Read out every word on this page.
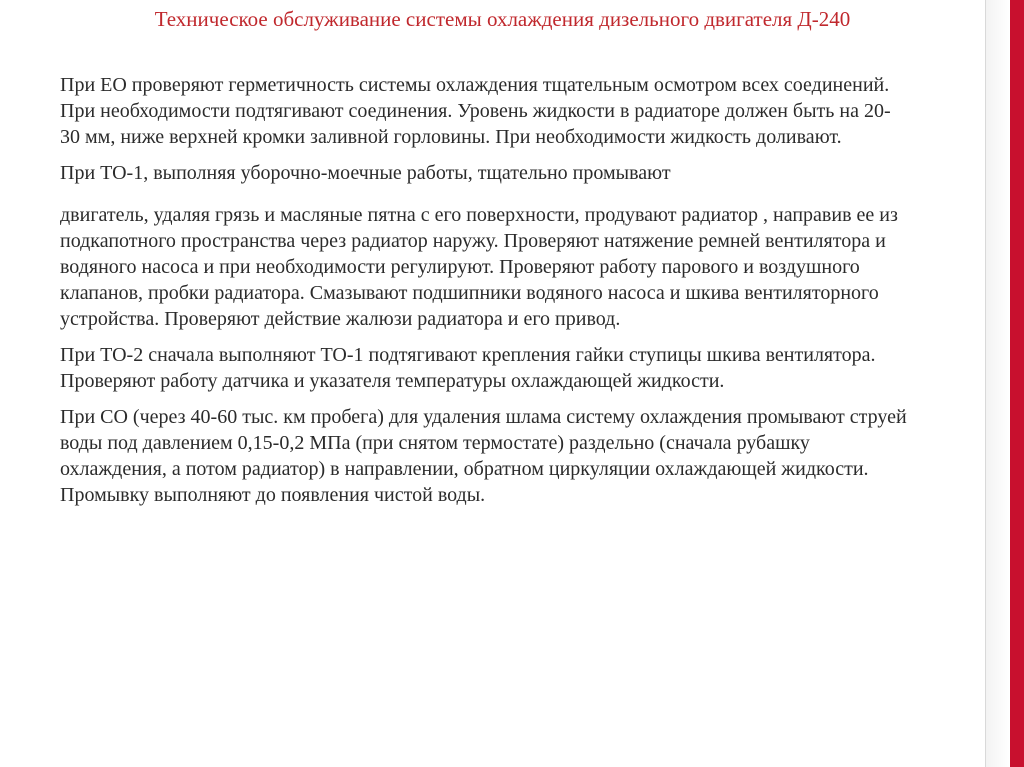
Техническое обслуживание системы охлаждения дизельного двигателя Д-240

При ЕО проверяют герметичность системы охлаждения тщательным осмотром всех соединений. При необходимости подтягивают соединения. Уровень жидкости в радиаторе должен быть на 20-30 мм, ниже верхней кромки заливной горловины. При необходимости жидкость доливают.

При ТО-1, выполняя уборочно-моечные работы, тщательно промывают

двигатель, удаляя грязь и масляные пятна с его поверхности, продувают радиатор , направив ее из подкапотного пространства через радиатор наружу. Проверяют натяжение ремней вентилятора и водяного насоса и при необходимости регулируют. Проверяют работу парового и воздушного клапанов, пробки радиатора. Смазывают подшипники водяного насоса и шкива вентиляторного устройства. Проверяют действие жалюзи радиатора и его привод.

При ТО-2 сначала выполняют ТО-1 подтягивают крепления гайки ступицы шкива вентилятора. Проверяют работу датчика и указателя температуры охлаждающей жидкости.

При СО (через 40-60 тыс. км пробега) для удаления шлама систему охлаждения промывают струей воды под давлением 0,15-0,2 МПа (при снятом термостате) раздельно (сначала рубашку охлаждения, а потом радиатор) в направлении, обратном циркуляции охлаждающей жидкости. Промывку выполняют до появления чистой воды.
